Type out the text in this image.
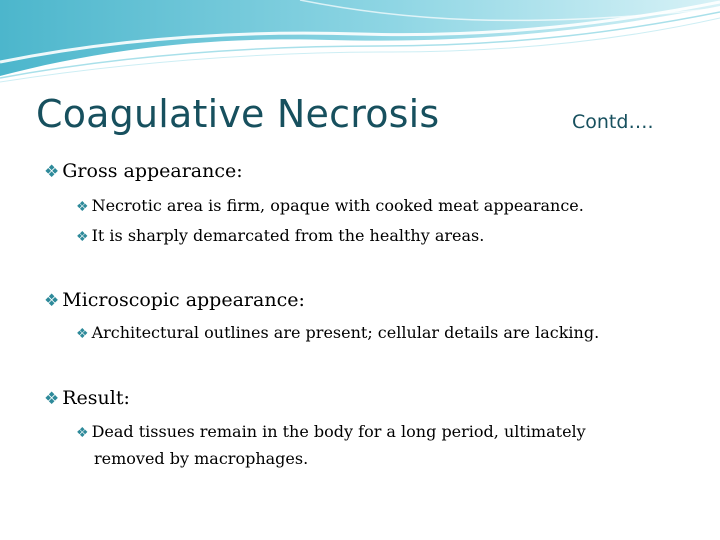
Coagulative Necrosis	Contd….
❖ Gross appearance:
❖ Necrotic area is firm, opaque with cooked meat appearance.
❖ It is sharply demarcated from the healthy areas.
❖ Microscopic appearance:
❖ Architectural outlines are present; cellular details are lacking.
❖ Result:
❖ Dead tissues remain in the body for a long period, ultimately
removed by macrophages.
